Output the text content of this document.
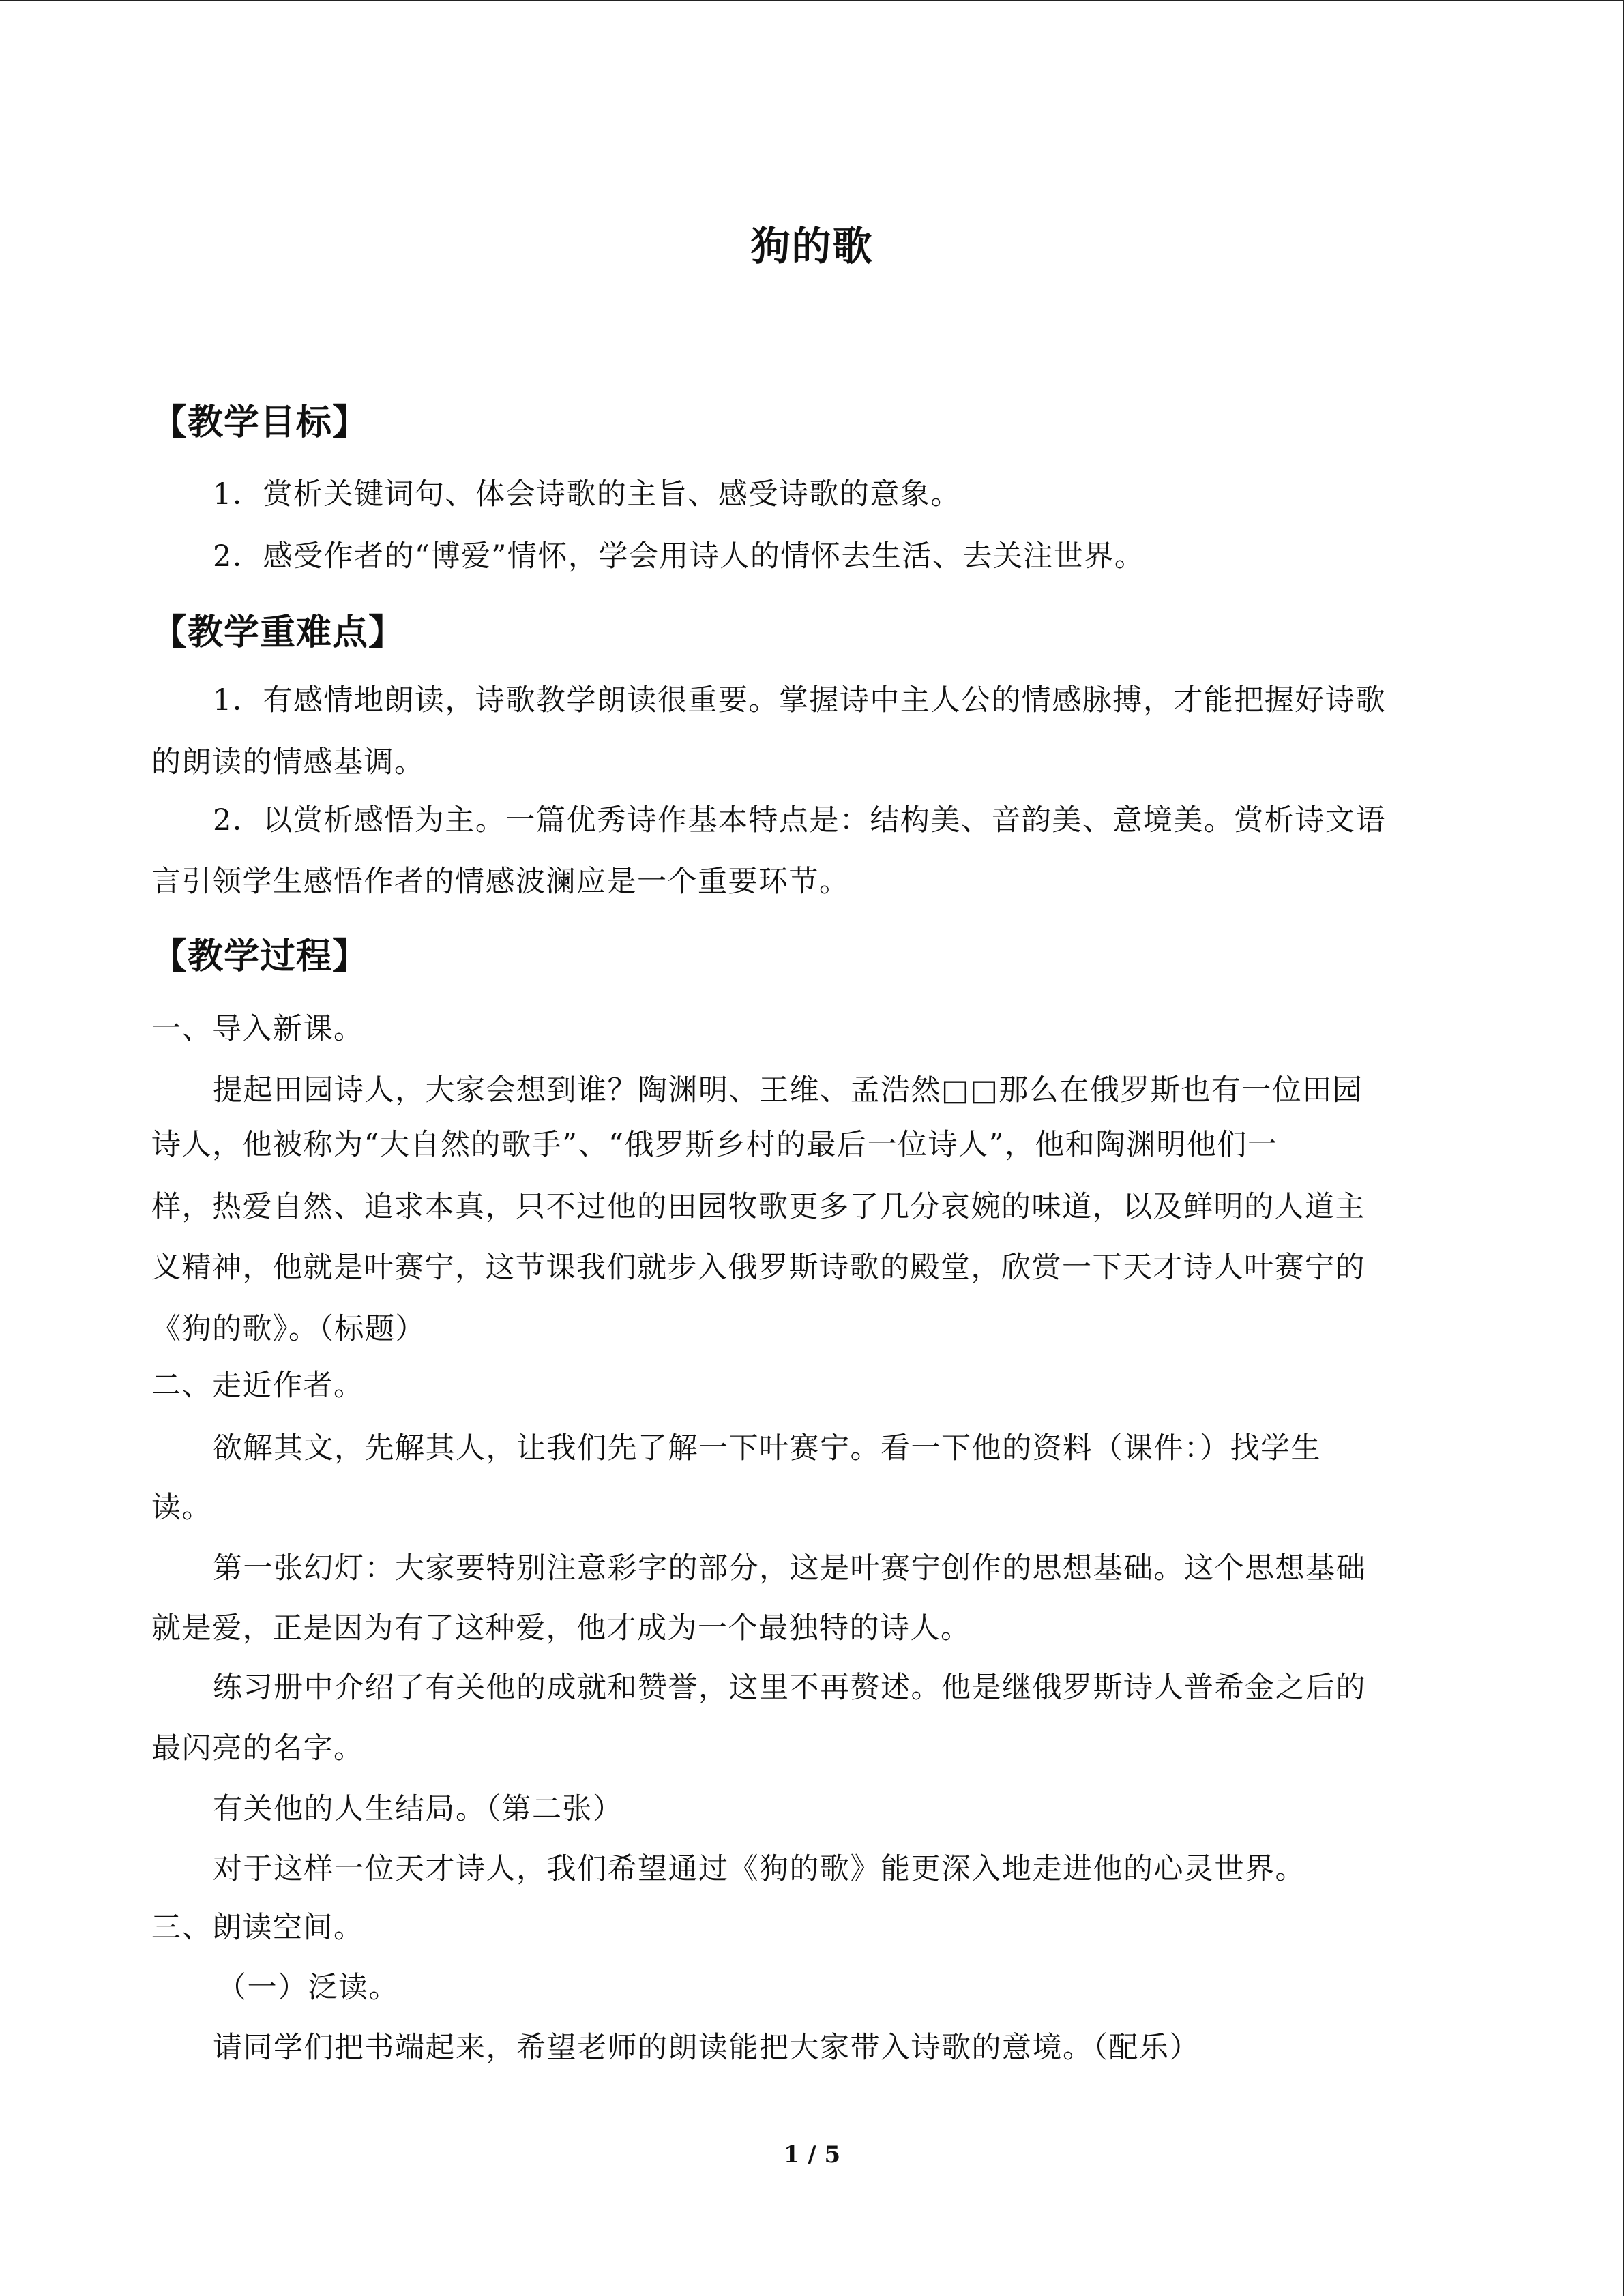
狗的歌
【教学目标】
1．赏析关键词句、体会诗歌的主旨、感受诗歌的意象。
2．感受作者的“博爱”情怀，学会用诗人的情怀去生活、去关注世界。
【教学重难点】
1．有感情地朗读，诗歌教学朗读很重要。掌握诗中主人公的情感脉搏，才能把握好诗歌
的朗读的情感基调。
2．以赏析感悟为主。一篇优秀诗作基本特点是：结构美、音韵美、意境美。赏析诗文语
言引领学生感悟作者的情感波澜应是一个重要环节。
【教学过程】
一、导入新课。
提起田园诗人，大家会想到谁？陶渊明、王维、孟浩然□□那么在俄罗斯也有一位田园
诗人，他被称为“大自然的歌手”、“俄罗斯乡村的最后一位诗人”，他和陶渊明他们一
样，热爱自然、追求本真，只不过他的田园牧歌更多了几分哀婉的味道，以及鲜明的人道主
义精神，他就是叶赛宁，这节课我们就步入俄罗斯诗歌的殿堂，欣赏一下天才诗人叶赛宁的
《狗的歌》。（标题）
二、走近作者。
欲解其文，先解其人，让我们先了解一下叶赛宁。看一下他的资料（课件：）找学生
读。
第一张幻灯：大家要特别注意彩字的部分，这是叶赛宁创作的思想基础。这个思想基础
就是爱，正是因为有了这种爱，他才成为一个最独特的诗人。
练习册中介绍了有关他的成就和赞誉，这里不再赘述。他是继俄罗斯诗人普希金之后的
最闪亮的名字。
有关他的人生结局。（第二张）
对于这样一位天才诗人，我们希望通过《狗的歌》能更深入地走进他的心灵世界。
三、朗读空间。
（一）泛读。
请同学们把书端起来，希望老师的朗读能把大家带入诗歌的意境。（配乐）
1 / 5
